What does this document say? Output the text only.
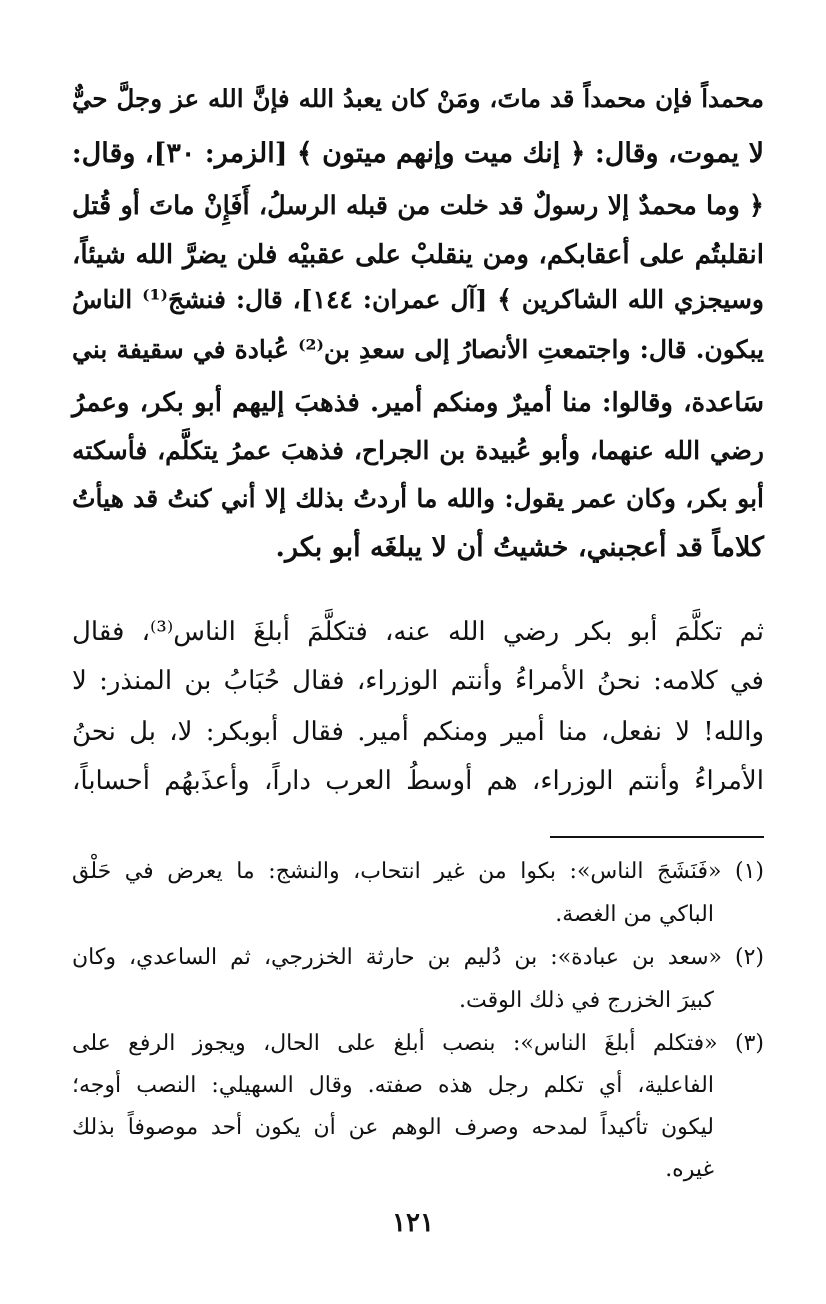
محمداً فإن محمداً قد ماتَ، ومَنْ كان يعبدُ الله فإنَّ الله عز وجلَّ حيٌّ
لا يموت، وقال: ﴿ إنك ميت وإنهم ميتون ﴾ [الزمر: ٣٠]، وقال:
﴿ وما محمدٌ إلا رسولٌ قد خلت من قبله الرسلُ، أَفَإِنْ ماتَ أو قُتل
انقلبتُم على أعقابكم، ومن ينقلبْ على عقبيْه فلن يضرَّ الله شيئاً،
وسيجزي الله الشاكرين ﴾ [آل عمران: ١٤٤]، قال: فنشجَ⁽¹⁾ الناسُ
يبكون. قال: واجتمعتِ الأنصارُ إلى سعدِ بن⁽²⁾ عُبادة في سقيفة بني
سَاعدة، وقالوا: منا أميرٌ ومنكم أمير. فذهبَ إليهم أبو بكر، وعمرُ
رضي الله عنهما، وأبو عُبيدة بن الجراح، فذهبَ عمرُ يتكلَّم، فأسكته
أبو بكر، وكان عمر يقول: والله ما أردتُ بذلك إلا أني كنتُ قد هيأتُ
كلاماً قد أعجبني، خشيتُ أن لا يبلغَه أبو بكر.
ثم تكلَّمَ أبو بكر رضي الله عنه، فتكلَّمَ أبلغَ الناس⁽³⁾، فقال
في كلامه: نحنُ الأمراءُ وأنتم الوزراء، فقال حُبَابُ بن المنذر: لا
والله! لا نفعل، منا أمير ومنكم أمير. فقال أبوبكر: لا، بل نحنُ
الأمراءُ وأنتم الوزراء، هم أوسطُ العرب داراً، وأعذَبهُم أحساباً،
(١) «فَنَشَجَ الناس»: بكوا من غير انتحاب، والنشج: ما يعرض في حَلْق
الباكي من الغصة.
(٢) «سعد بن عبادة»: بن دُليم بن حارثة الخزرجي، ثم الساعدي، وكان
كبيرَ الخزرج في ذلك الوقت.
(٣) «فتكلم أبلغَ الناس»: بنصب أبلغ على الحال، ويجوز الرفع على
الفاعلية، أي تكلم رجل هذه صفته. وقال السهيلي: النصب أوجه؛
ليكون تأكيداً لمدحه وصرف الوهم عن أن يكون أحد موصوفاً بذلك
غيره.
١٢١
